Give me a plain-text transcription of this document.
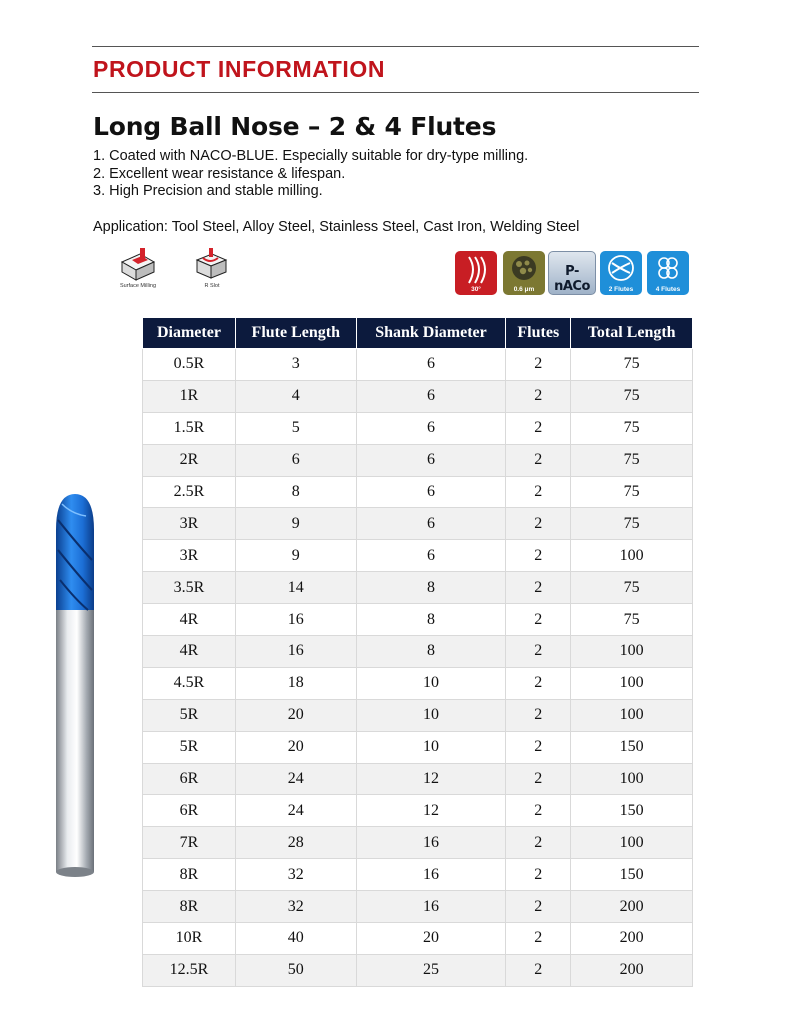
PRODUCT INFORMATION
Long Ball Nose – 2 & 4 Flutes
1. Coated with NACO-BLUE. Especially suitable for dry-type milling.
2. Excellent wear resistance & lifespan.
3. High Precision and stable milling.
Application: Tool Steel, Alloy Steel, Stainless Steel, Cast Iron, Welding Steel
Surface Milling	R Slot	30°	0.6 μm
P-nACo	2 Flutes	4 Flutes
Diameter	Flute Length	Shank Diameter	Flutes	Total Length
0.5R	3	6	2	75
1R	4	6	2	75
1.5R	5	6	2	75
2R	6	6	2	75
2.5R	8	6	2	75
3R	9	6	2	75
3R	9	6	2	100
3.5R	14	8	2	75
4R	16	8	2	75
4R	16	8	2	100
4.5R	18	10	2	100
5R	20	10	2	100
5R	20	10	2	150
6R	24	12	2	100
6R	24	12	2	150
7R	28	16	2	100
8R	32	16	2	150
8R	32	16	2	200
10R	40	20	2	200
12.5R	50	25	2	200
